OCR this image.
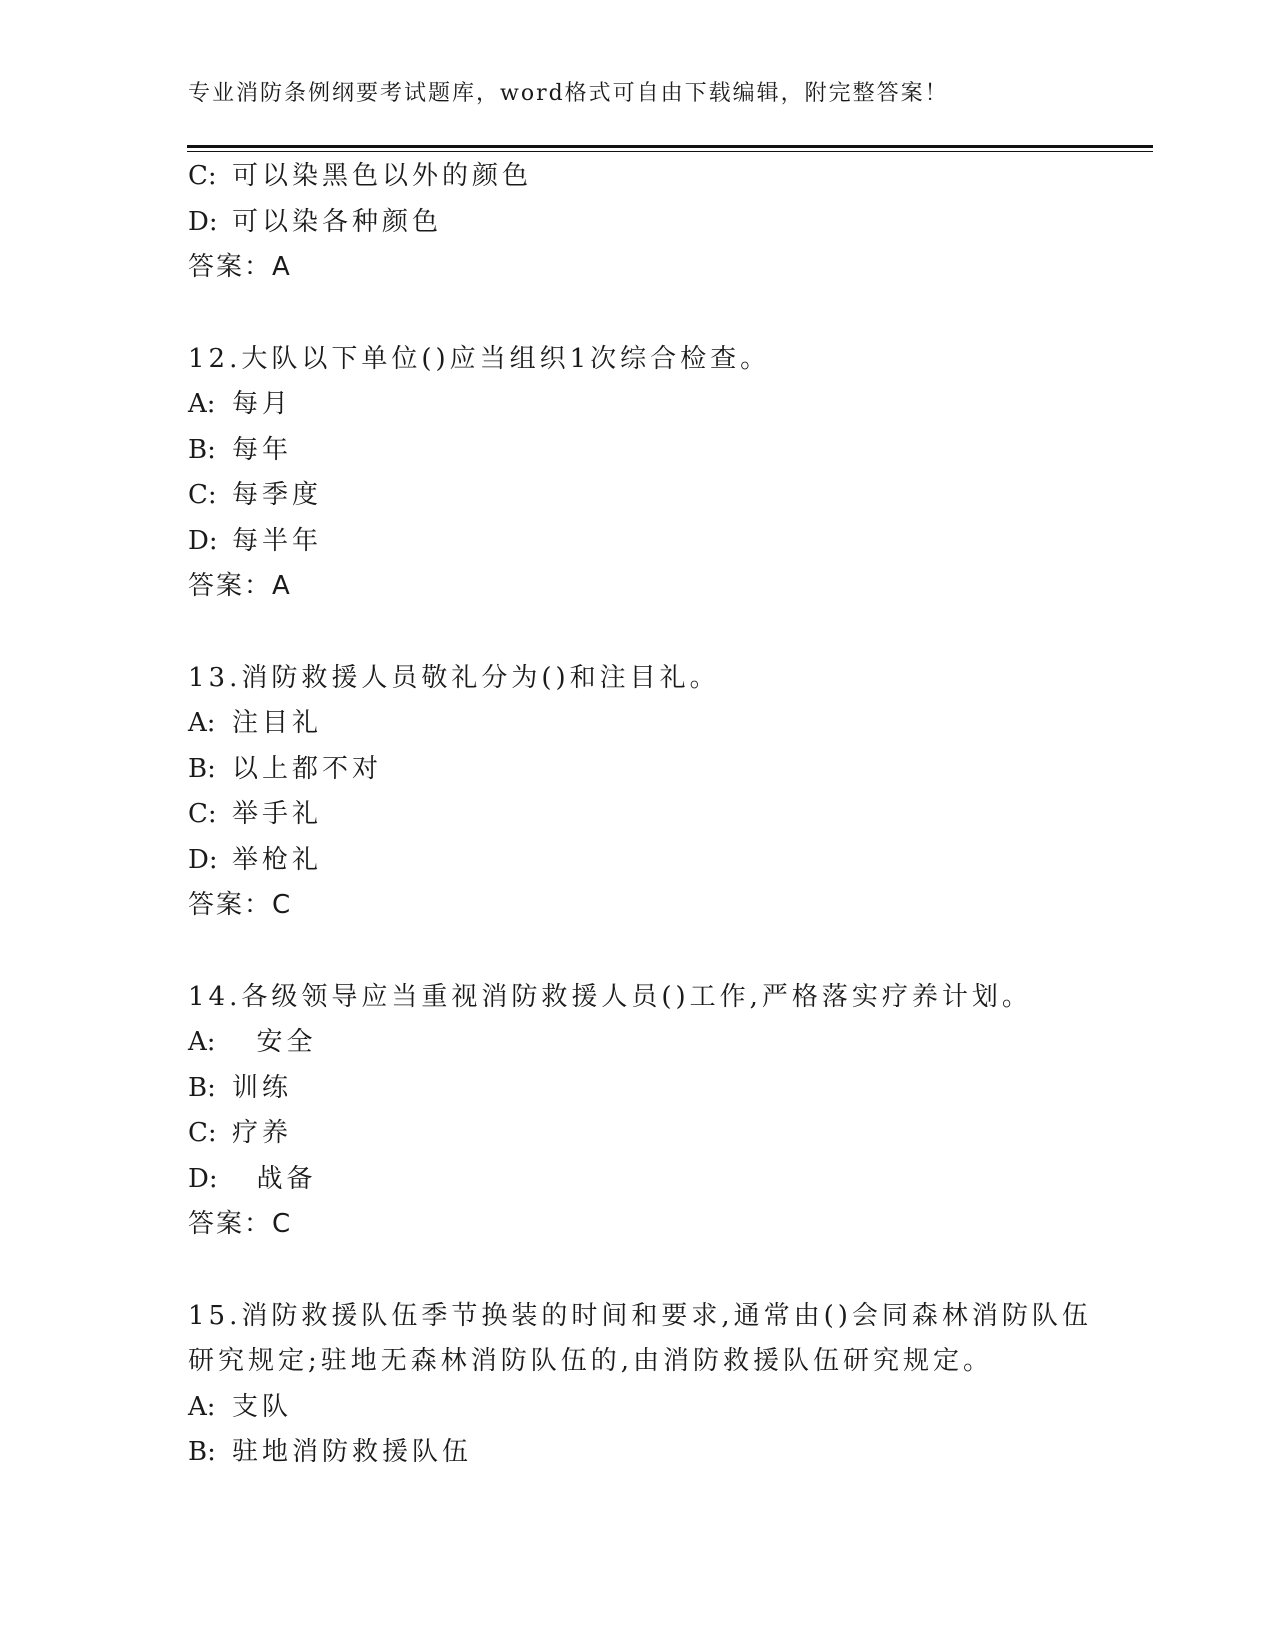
专业消防条例纲要考试题库，word格式可自由下载编辑，附完整答案！
C: 可以染黑色以外的颜色
D: 可以染各种颜色
答案：A
12.大队以下单位()应当组织1次综合检查。
A: 每月
B: 每年
C: 每季度
D: 每半年
答案：A
13.消防救援人员敬礼分为()和注目礼。
A: 注目礼
B: 以上都不对
C: 举手礼
D: 举枪礼
答案：C
14.各级领导应当重视消防救援人员()工作,严格落实疗养计划。
A:  安全
B: 训练
C: 疗养
D:  战备
答案：C
15.消防救援队伍季节换装的时间和要求,通常由()会同森林消防队伍
研究规定;驻地无森林消防队伍的,由消防救援队伍研究规定。
A: 支队
B: 驻地消防救援队伍
